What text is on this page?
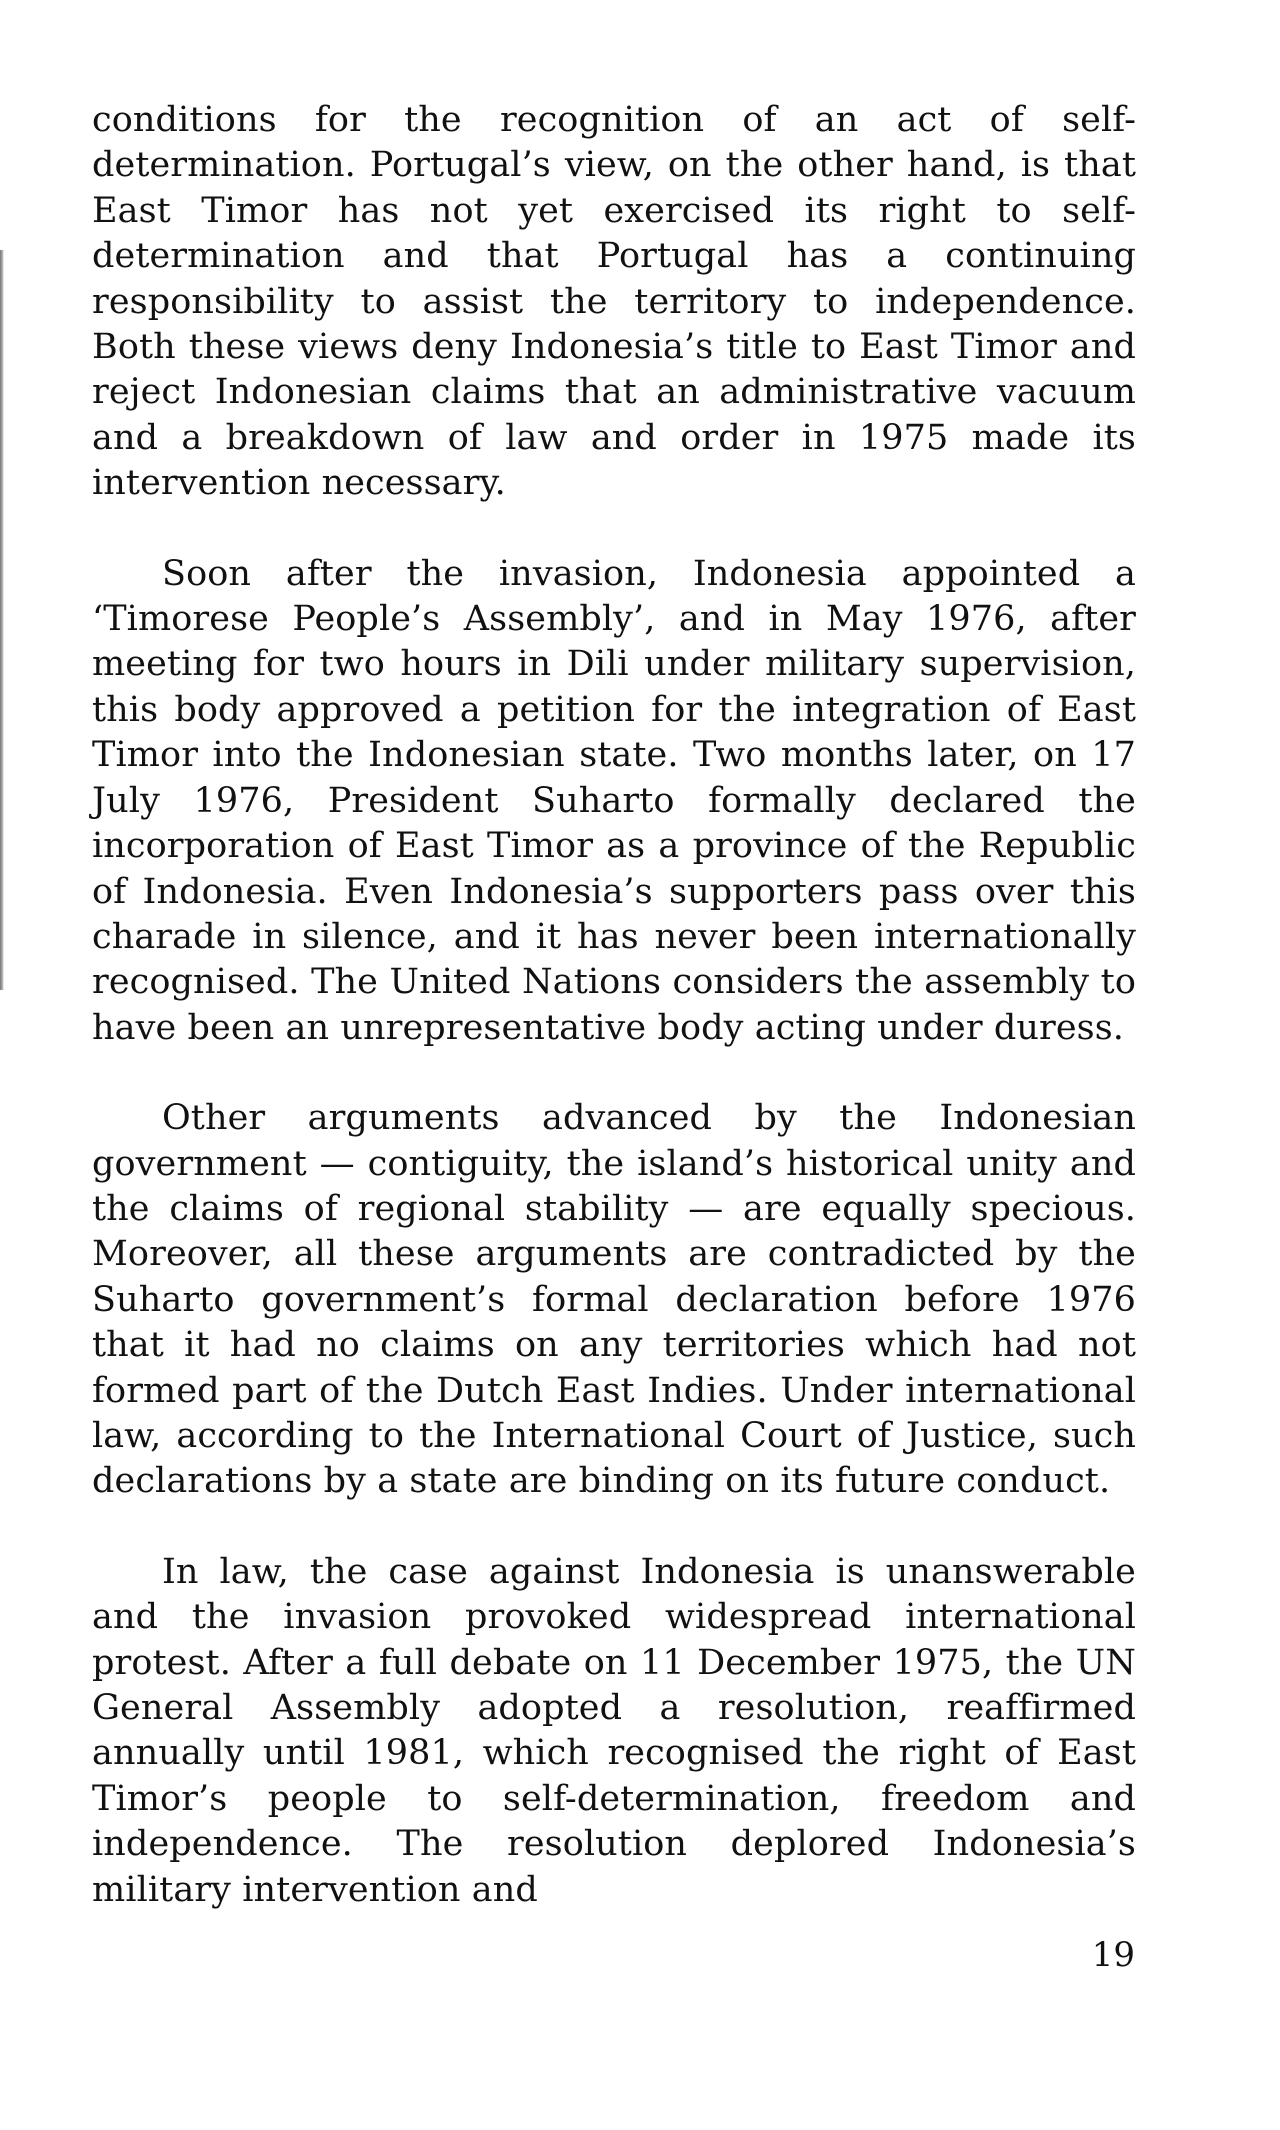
conditions for the recognition of an act of self-determination. Portugal’s view, on the other hand, is that East Timor has not yet exercised its right to self-determination and that Portugal has a continuing responsibility to assist the territory to independence. Both these views deny Indonesia’s title to East Timor and reject Indonesian claims that an administrative vacuum and a breakdown of law and order in 1975 made its intervention necessary.

Soon after the invasion, Indonesia appointed a ‘Timorese People’s Assembly’, and in May 1976, after meeting for two hours in Dili under military supervision, this body approved a petition for the integration of East Timor into the Indonesian state. Two months later, on 17 July 1976, President Suharto formally declared the incorporation of East Timor as a province of the Republic of Indonesia. Even Indonesia’s supporters pass over this charade in silence, and it has never been internationally recognised. The United Nations considers the assembly to have been an unrepresentative body acting under duress.

Other arguments advanced by the Indonesian government — contiguity, the island’s historical unity and the claims of regional stability — are equally specious. Moreover, all these arguments are contradicted by the Suharto government’s formal declaration before 1976 that it had no claims on any territories which had not formed part of the Dutch East Indies. Under international law, according to the International Court of Justice, such declarations by a state are binding on its future conduct.

In law, the case against Indonesia is unanswerable and the invasion provoked widespread international protest. After a full debate on 11 December 1975, the UN General Assembly adopted a resolution, reaffirmed annually until 1981, which recognised the right of East Timor’s people to self-determination, freedom and independence. The resolution deplored Indonesia’s military intervention and

19
